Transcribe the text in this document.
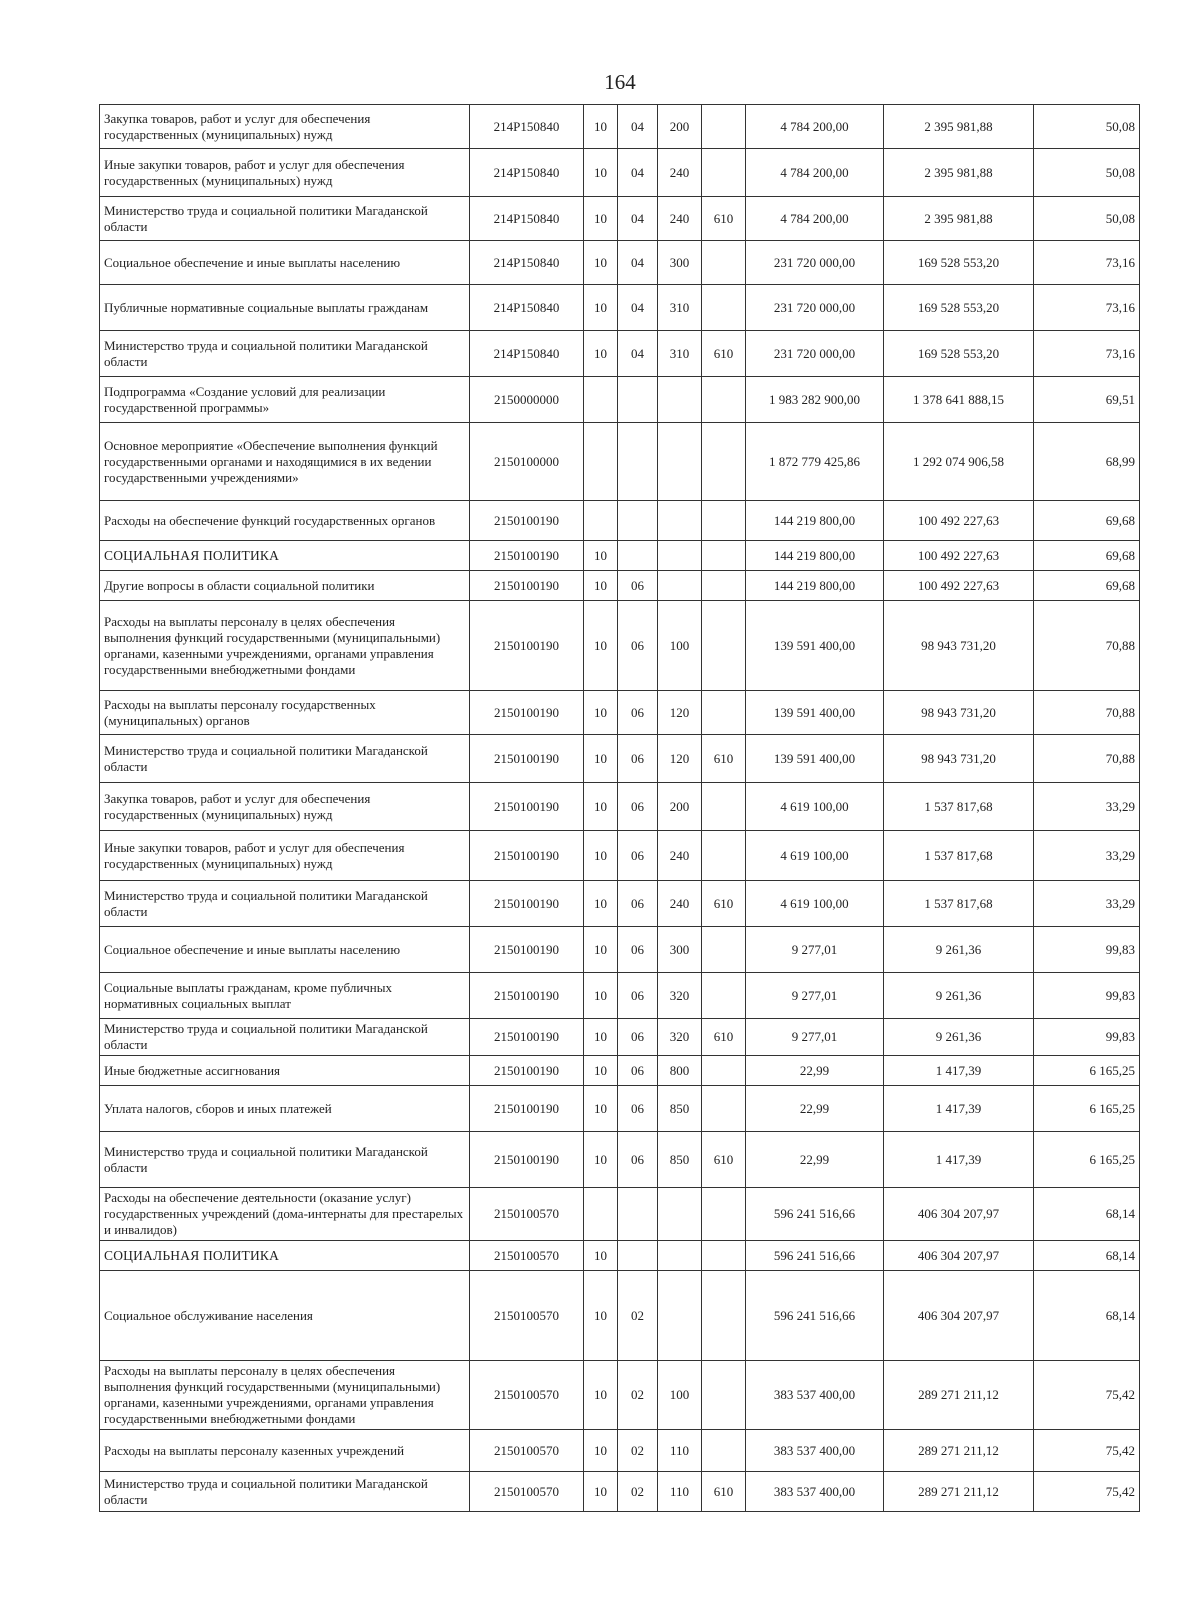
164
Закупка товаров, работ и услуг для обеспечения государственных (муниципальных) нужд	214P150840	10	04	200		4 784 200,00	2 395 981,88	50,08
Иные закупки товаров, работ и услуг для обеспечения государственных (муниципальных) нужд	214P150840	10	04	240		4 784 200,00	2 395 981,88	50,08
Министерство труда и социальной политики Магаданской области	214P150840	10	04	240	610	4 784 200,00	2 395 981,88	50,08
Социальное обеспечение и иные выплаты населению	214P150840	10	04	300		231 720 000,00	169 528 553,20	73,16
Публичные нормативные социальные выплаты гражданам	214P150840	10	04	310		231 720 000,00	169 528 553,20	73,16
Министерство труда и социальной политики Магаданской области	214P150840	10	04	310	610	231 720 000,00	169 528 553,20	73,16
Подпрограмма «Создание условий для реализации государственной программы»	2150000000					1 983 282 900,00	1 378 641 888,15	69,51
Основное мероприятие «Обеспечение выполнения функций государственными органами и находящимися в их ведении государственными учреждениями»	2150100000					1 872 779 425,86	1 292 074 906,58	68,99
Расходы на обеспечение функций государственных органов	2150100190					144 219 800,00	100 492 227,63	69,68
СОЦИАЛЬНАЯ ПОЛИТИКА	2150100190	10				144 219 800,00	100 492 227,63	69,68
Другие вопросы в области социальной политики	2150100190	10	06			144 219 800,00	100 492 227,63	69,68
Расходы на выплаты персоналу в целях обеспечения выполнения функций государственными (муниципальными) органами, казенными учреждениями, органами управления государственными внебюджетными фондами	2150100190	10	06	100		139 591 400,00	98 943 731,20	70,88
Расходы на выплаты персоналу государственных (муниципальных) органов	2150100190	10	06	120		139 591 400,00	98 943 731,20	70,88
Министерство труда и социальной политики Магаданской области	2150100190	10	06	120	610	139 591 400,00	98 943 731,20	70,88
Закупка товаров, работ и услуг для обеспечения государственных (муниципальных) нужд	2150100190	10	06	200		4 619 100,00	1 537 817,68	33,29
Иные закупки товаров, работ и услуг для обеспечения государственных (муниципальных) нужд	2150100190	10	06	240		4 619 100,00	1 537 817,68	33,29
Министерство труда и социальной политики Магаданской области	2150100190	10	06	240	610	4 619 100,00	1 537 817,68	33,29
Социальное обеспечение и иные выплаты населению	2150100190	10	06	300		9 277,01	9 261,36	99,83
Социальные выплаты гражданам, кроме публичных нормативных социальных выплат	2150100190	10	06	320		9 277,01	9 261,36	99,83
Министерство труда и социальной политики Магаданской области	2150100190	10	06	320	610	9 277,01	9 261,36	99,83
Иные бюджетные ассигнования	2150100190	10	06	800		22,99	1 417,39	6 165,25
Уплата налогов, сборов и иных платежей	2150100190	10	06	850		22,99	1 417,39	6 165,25
Министерство труда и социальной политики Магаданской области	2150100190	10	06	850	610	22,99	1 417,39	6 165,25
Расходы на обеспечение деятельности (оказание услуг) государственных учреждений (дома-интернаты для престарелых и инвалидов)	2150100570					596 241 516,66	406 304 207,97	68,14
СОЦИАЛЬНАЯ ПОЛИТИКА	2150100570	10				596 241 516,66	406 304 207,97	68,14
Социальное обслуживание населения	2150100570	10	02			596 241 516,66	406 304 207,97	68,14
Расходы на выплаты персоналу в целях обеспечения выполнения функций государственными (муниципальными) органами, казенными учреждениями, органами управления государственными внебюджетными фондами	2150100570	10	02	100		383 537 400,00	289 271 211,12	75,42
Расходы на выплаты персоналу казенных учреждений	2150100570	10	02	110		383 537 400,00	289 271 211,12	75,42
Министерство труда и социальной политики Магаданской области	2150100570	10	02	110	610	383 537 400,00	289 271 211,12	75,42
